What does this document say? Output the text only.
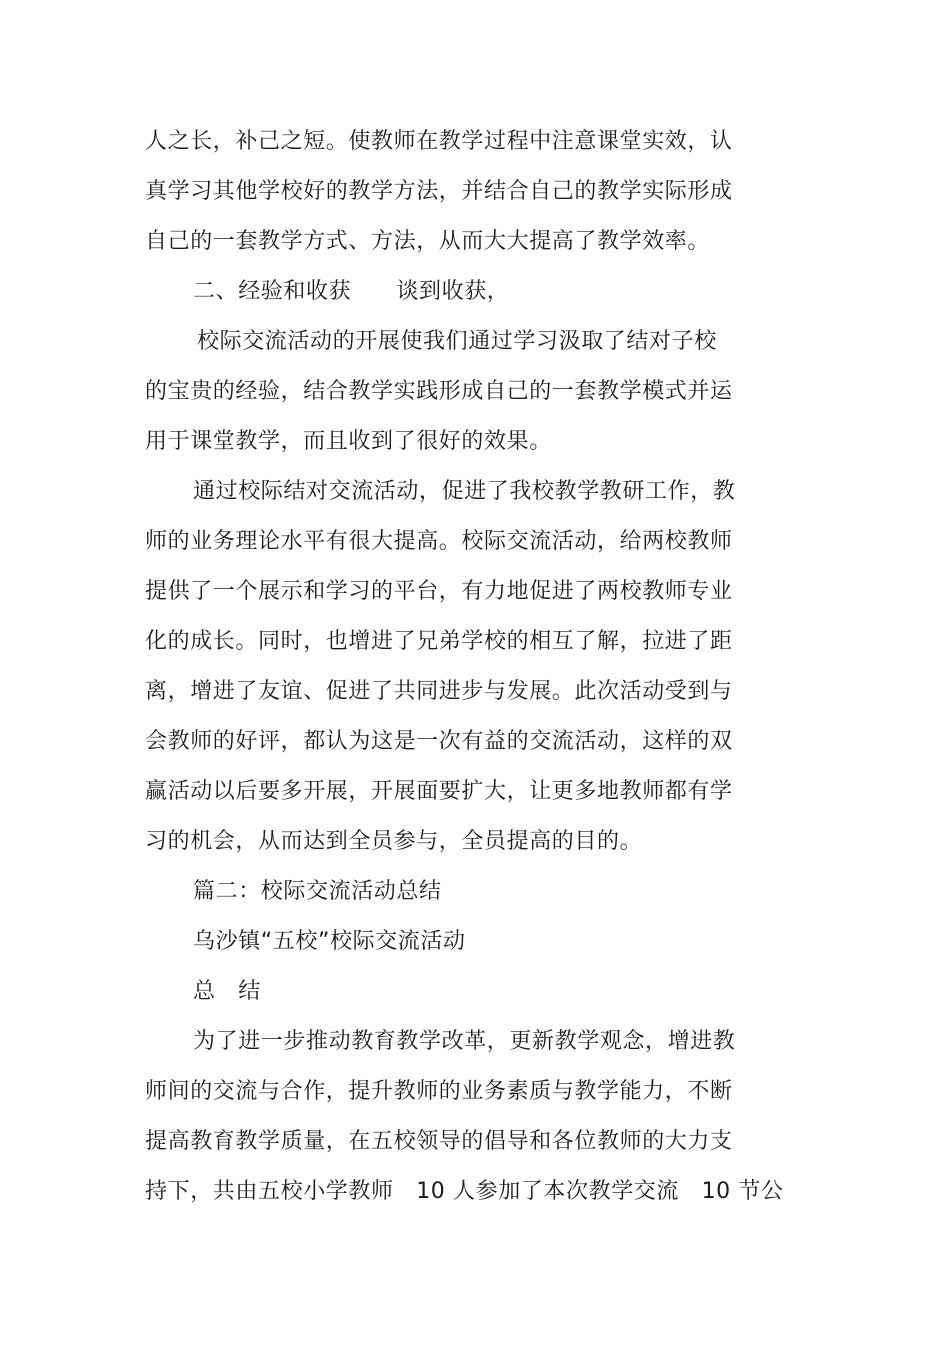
人之长，补己之短。使教师在教学过程中注意课堂实效，认
真学习其他学校好的教学方法，并结合自己的教学实际形成
自己的一套教学方式、方法，从而大大提高了教学效率。
二、经验和收获　　谈到收获，
校际交流活动的开展使我们通过学习汲取了结对子校
的宝贵的经验，结合教学实践形成自己的一套教学模式并运
用于课堂教学，而且收到了很好的效果。
通过校际结对交流活动，促进了我校教学教研工作，教
师的业务理论水平有很大提高。校际交流活动，给两校教师
提供了一个展示和学习的平台，有力地促进了两校教师专业
化的成长。同时，也增进了兄弟学校的相互了解，拉进了距
离，增进了友谊、促进了共同进步与发展。此次活动受到与
会教师的好评，都认为这是一次有益的交流活动，这样的双
赢活动以后要多开展，开展面要扩大，让更多地教师都有学
习的机会，从而达到全员参与，全员提高的目的。
篇二：校际交流活动总结
乌沙镇“五校”校际交流活动
总　结
为了进一步推动教育教学改革，更新教学观念，增进教
师间的交流与合作，提升教师的业务素质与教学能力，不断
提高教育教学质量，在五校领导的倡导和各位教师的大力支
持下，共由五校小学教师　10 人参加了本次教学交流　10 节公
